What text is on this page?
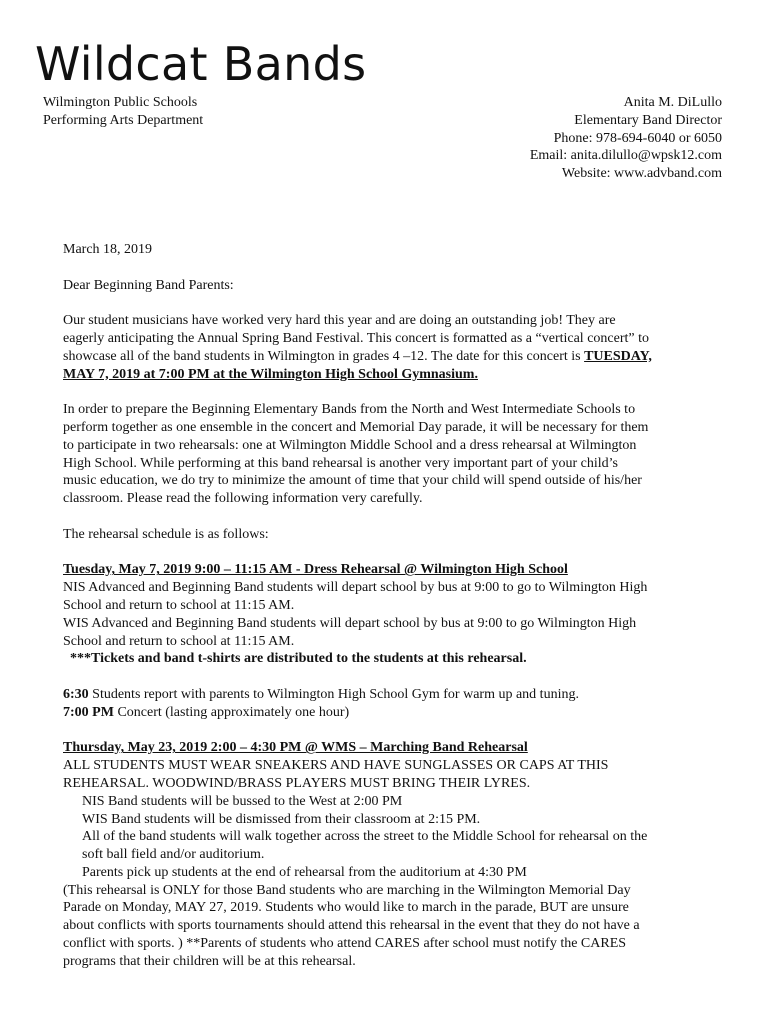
Wildcat Bands
Wilmington Public Schools
Performing Arts Department
Anita M. DiLullo
Elementary Band Director
Phone: 978-694-6040 or 6050
Email: anita.dilullo@wpsk12.com
Website: www.advband.com
March 18, 2019
Dear Beginning Band Parents:
Our student musicians have worked very hard this year and are doing an outstanding job! They are
eagerly anticipating the Annual Spring Band Festival. This concert is formatted as a “vertical concert” to
showcase all of the band students in Wilmington in grades 4 –12. The date for this concert is TUESDAY,
MAY 7, 2019 at 7:00 PM at the Wilmington High School Gymnasium.
In order to prepare the Beginning Elementary Bands from the North and West Intermediate Schools to
perform together as one ensemble in the concert and Memorial Day parade, it will be necessary for them
to participate in two rehearsals: one at Wilmington Middle School and a dress rehearsal at Wilmington
High School. While performing at this band rehearsal is another very important part of your child’s
music education, we do try to minimize the amount of time that your child will spend outside of his/her
classroom. Please read the following information very carefully.
The rehearsal schedule is as follows:
Tuesday, May 7, 2019 9:00 – 11:15 AM - Dress Rehearsal @ Wilmington High School
NIS Advanced and Beginning Band students will depart school by bus at 9:00 to go to Wilmington High
School and return to school at 11:15 AM.
WIS Advanced and Beginning Band students will depart school by bus at 9:00 to go Wilmington High
School and return to school at 11:15 AM.
***Tickets and band t-shirts are distributed to the students at this rehearsal.
6:30 Students report with parents to Wilmington High School Gym for warm up and tuning.
7:00 PM Concert (lasting approximately one hour)
Thursday, May 23, 2019 2:00 – 4:30 PM @ WMS – Marching Band Rehearsal
ALL STUDENTS MUST WEAR SNEAKERS AND HAVE SUNGLASSES OR CAPS AT THIS
REHEARSAL. WOODWIND/BRASS PLAYERS MUST BRING THEIR LYRES.
NIS Band students will be bussed to the West at 2:00 PM
WIS Band students will be dismissed from their classroom at 2:15 PM.
All of the band students will walk together across the street to the Middle School for rehearsal on the
soft ball field and/or auditorium.
Parents pick up students at the end of rehearsal from the auditorium at 4:30 PM
(This rehearsal is ONLY for those Band students who are marching in the Wilmington Memorial Day
Parade on Monday, MAY 27, 2019. Students who would like to march in the parade, BUT are unsure
about conflicts with sports tournaments should attend this rehearsal in the event that they do not have a
conflict with sports. ) **Parents of students who attend CARES after school must notify the CARES
programs that their children will be at this rehearsal.
